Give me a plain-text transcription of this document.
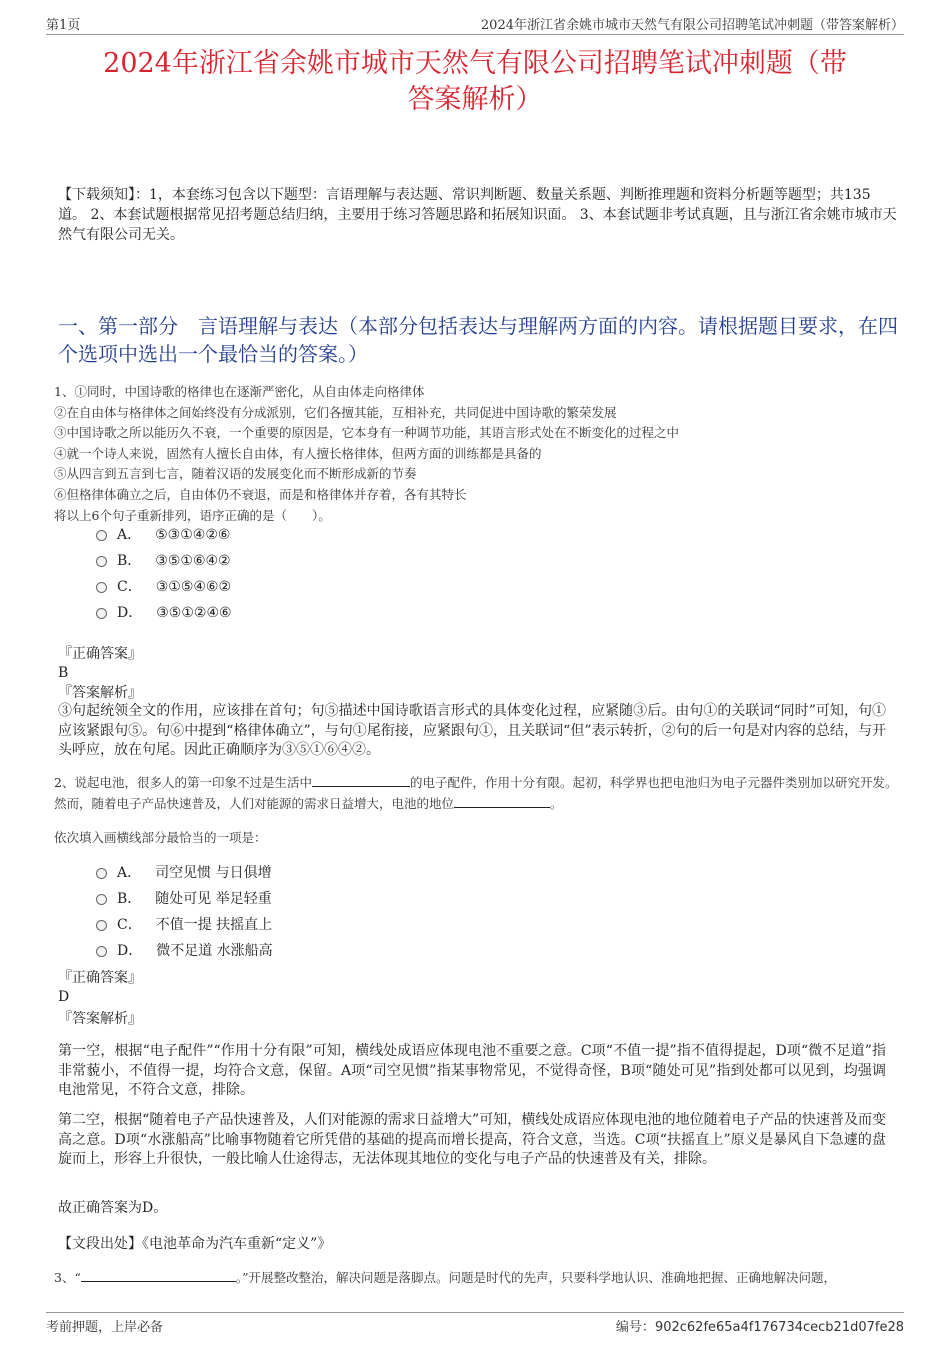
第1页	2024年浙江省余姚市城市天然气有限公司招聘笔试冲刺题（带答案解析）
2024年浙江省余姚市城市天然气有限公司招聘笔试冲刺题（带
答案解析）
【下载须知】：1，本套练习包含以下题型：言语理解与表达题、常识判断题、数量关系题、判断推理题和资料分析题等题型；共135道。 2、本套试题根据常见招考题总结归纳，主要用于练习答题思路和拓展知识面。 3、本套试题非考试真题，且与浙江省余姚市城市天然气有限公司无关。
一、第一部分　言语理解与表达（本部分包括表达与理解两方面的内容。请根据题目要求，在四个选项中选出一个最恰当的答案。）
1、①同时，中国诗歌的格律也在逐渐严密化，从自由体走向格律体
②在自由体与格律体之间始终没有分成派别，它们各擅其能，互相补充，共同促进中国诗歌的繁荣发展
③中国诗歌之所以能历久不衰，一个重要的原因是，它本身有一种调节功能，其语言形式处在不断变化的过程之中
④就一个诗人来说，固然有人擅长自由体，有人擅长格律体，但两方面的训练都是具备的
⑤从四言到五言到七言，随着汉语的发展变化而不断形成新的节奏
⑥但格律体确立之后，自由体仍不衰退，而是和格律体并存着，各有其特长
将以上6个句子重新排列，语序正确的是（　　）。
A． ⑤③①④②⑥
B． ③⑤①⑥④②
C． ③①⑤④⑥②
D． ③⑤①②④⑥
『正确答案』
B
『答案解析』
③句起统领全文的作用，应该排在首句；句⑤描述中国诗歌语言形式的具体变化过程，应紧随③后。由句①的关联词“同时”可知，句①应该紧跟句⑤。句⑥中提到“格律体确立”，与句①尾衔接，应紧跟句①，且关联词“但”表示转折，②句的后一句是对内容的总结，与开头呼应，放在句尾。因此正确顺序为③⑤①⑥④②。
2、说起电池，很多人的第一印象不过是生活中	的电子配件，作用十分有限。起初，科学界也把电池归为电子元器件类别加以研究开发。然而，随着电子产品快速普及，人们对能源的需求日益增大，电池的地位	。
依次填入画横线部分最恰当的一项是：
A． 司空见惯 与日俱增
B． 随处可见 举足轻重
C． 不值一提 扶摇直上
D． 微不足道 水涨船高
『正确答案』
D
『答案解析』
第一空，根据“电子配件”“作用十分有限”可知，横线处成语应体现电池不重要之意。C项“不值一提”指不值得提起，D项“微不足道”指非常藐小，不值得一提，均符合文意，保留。A项“司空见惯”指某事物常见，不觉得奇怪，B项“随处可见”指到处都可以见到，均强调电池常见，不符合文意，排除。
第二空，根据“随着电子产品快速普及，人们对能源的需求日益增大”可知，横线处成语应体现电池的地位随着电子产品的快速普及而变高之意。D项“水涨船高”比喻事物随着它所凭借的基础的提高而增长提高，符合文意，当选。C项“扶摇直上”原义是暴风自下急遽的盘旋而上，形容上升很快，一般比喻人仕途得志，无法体现其地位的变化与电子产品的快速普及有关，排除。
故正确答案为D。
【文段出处】《电池革命为汽车重新“定义”》
3、“	。”开展整改整治，解决问题是落脚点。问题是时代的先声，只要科学地认识、准确地把握、正确地解决问题，
考前押题，上岸必备	编号：902c62fe65a4f176734cecb21d07fe28
